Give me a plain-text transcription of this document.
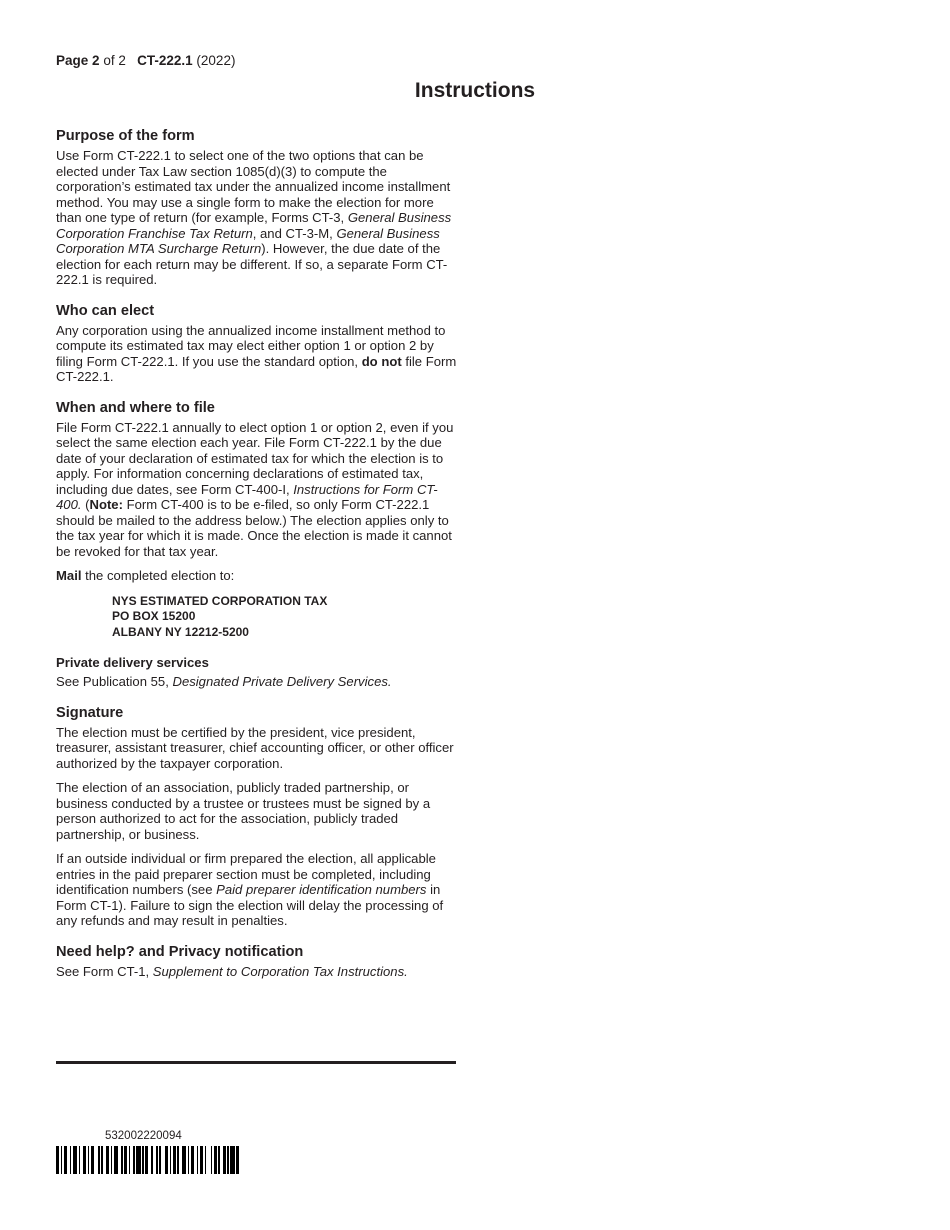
Page 2 of 2 CT-222.1 (2022)
Instructions
Purpose of the form

Use Form CT-222.1 to select one of the two options that can be elected under Tax Law section 1085(d)(3) to compute the corporation’s estimated tax under the annualized income installment method. You may use a single form to make the election for more than one type of return (for example, Forms CT-3, General Business Corporation Franchise Tax Return, and CT-3-M, General Business Corporation MTA Surcharge Return). However, the due date of the election for each return may be different. If so, a separate Form CT-222.1 is required.

Who can elect

Any corporation using the annualized income installment method to compute its estimated tax may elect either option 1 or option 2 by filing Form CT-222.1. If you use the standard option, do not file Form CT-222.1.

When and where to file

File Form CT-222.1 annually to elect option 1 or option 2, even if you select the same election each year. File Form CT-222.1 by the due date of your declaration of estimated tax for which the election is to apply. For information concerning declarations of estimated tax, including due dates, see Form CT-400-I, Instructions for Form CT-400. (Note: Form CT-400 is to be e-filed, so only Form CT-222.1 should be mailed to the address below.) The election applies only to the tax year for which it is made. Once the election is made it cannot be revoked for that tax year.

Mail the completed election to:

NYS ESTIMATED CORPORATION TAX
PO BOX 15200
ALBANY NY 12212-5200
Private delivery services

See Publication 55, Designated Private Delivery Services.

Signature

The election must be certified by the president, vice president, treasurer, assistant treasurer, chief accounting officer, or other officer authorized by the taxpayer corporation.

The election of an association, publicly traded partnership, or business conducted by a trustee or trustees must be signed by a person authorized to act for the association, publicly traded partnership, or business.

If an outside individual or firm prepared the election, all applicable entries in the paid preparer section must be completed, including identification numbers (see Paid preparer identification numbers in Form CT-1). Failure to sign the election will delay the processing of any refunds and may result in penalties.

Need help? and Privacy notification

See Form CT-1, Supplement to Corporation Tax Instructions.

532002220094
